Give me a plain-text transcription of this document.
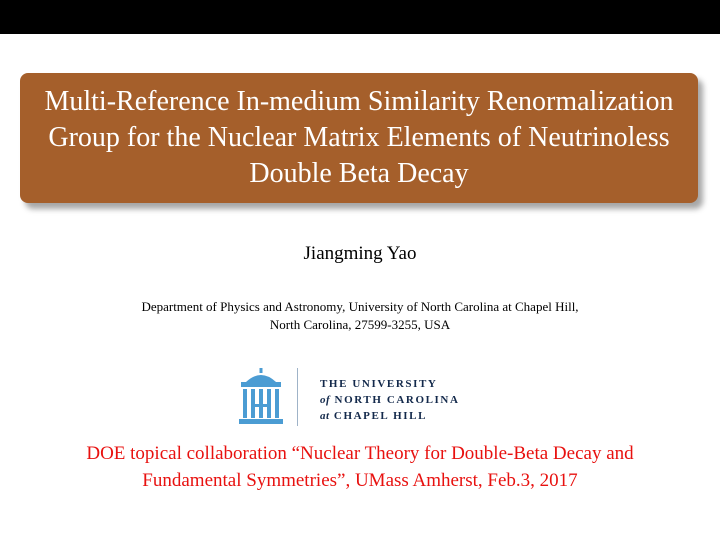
Multi-Reference In-medium Similarity Renormalization
Group for the Nuclear Matrix Elements of Neutrinoless
Double Beta Decay
Jiangming Yao
Department of Physics and Astronomy, University of North Carolina at Chapel Hill,
North Carolina, 27599-3255, USA
THE UNIVERSITY
of NORTH CAROLINA
at CHAPEL HILL
DOE topical collaboration “Nuclear Theory for Double-Beta Decay and
Fundamental Symmetries”, UMass Amherst, Feb.3, 2017
